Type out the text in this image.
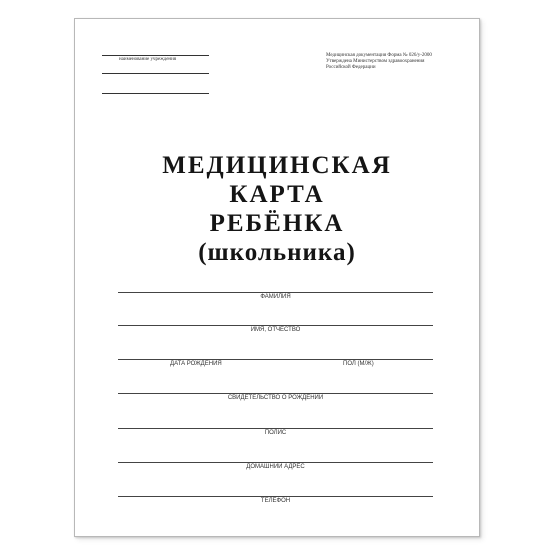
наименование учреждения
Медицинская документация Форма № 026/у-2000
Утверждена Министерством здравоохранения
Российской Федерации
МЕДИЦИНСКАЯ
КАРТА
РЕБЁНКА
(школьника)
ФАМИЛИЯ
ИМЯ, ОТЧЕСТВО
ДАТА РОЖДЕНИЯ	ПОЛ (М/Ж)
СВИДЕТЕЛЬСТВО О РОЖДЕНИИ
ПОЛИС
ДОМАШНИЙ АДРЕС
ТЕЛЕФОН
